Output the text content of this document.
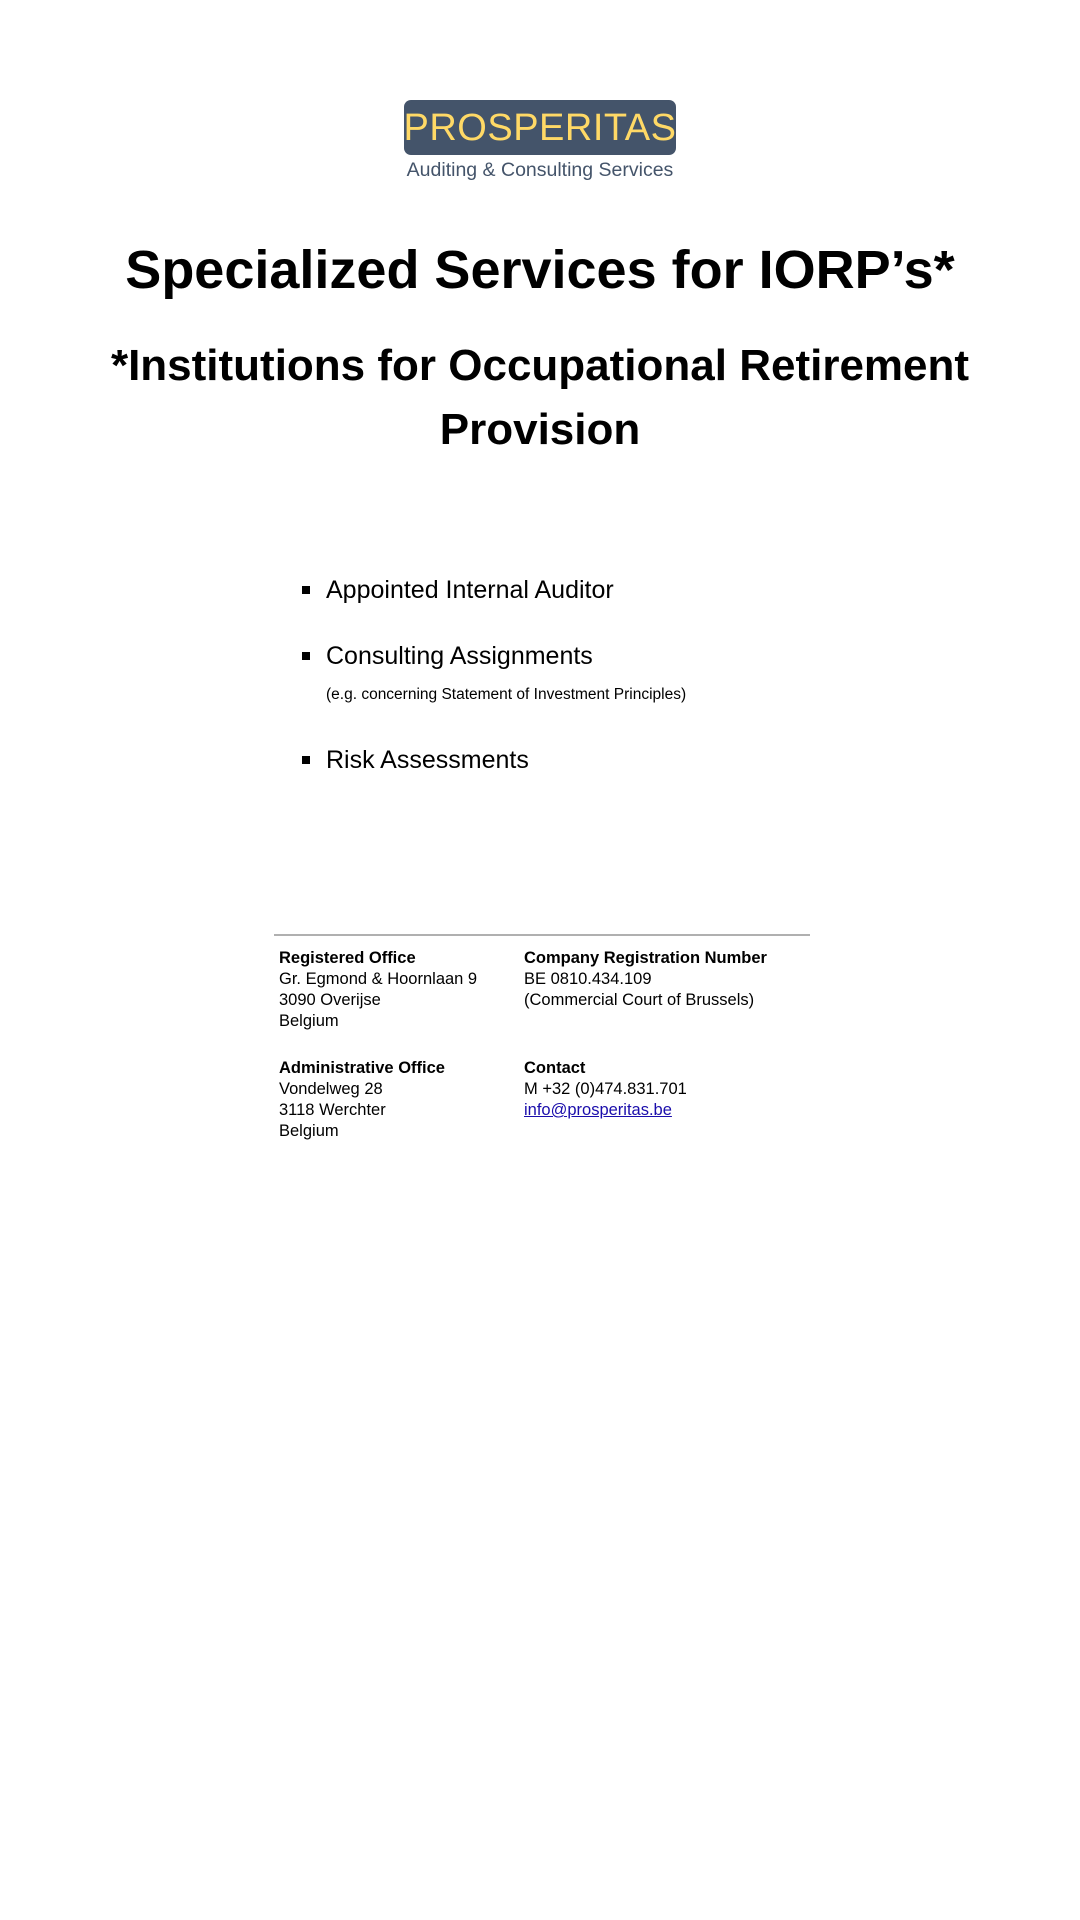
PROSPERITAS
Auditing & Consulting Services
Specialized Services for IORP’s*
*Institutions for Occupational Retirement Provision
Appointed Internal Auditor
Consulting Assignments
(e.g. concerning Statement of Investment Principles)
Risk Assessments
Registered Office
Gr. Egmond & Hoornlaan 9
3090 Overijse
Belgium
Company Registration Number
BE 0810.434.109
(Commercial Court of Brussels)
Administrative Office
Vondelweg 28
3118 Werchter
Belgium
Contact
M +32 (0)474.831.701
info@prosperitas.be
